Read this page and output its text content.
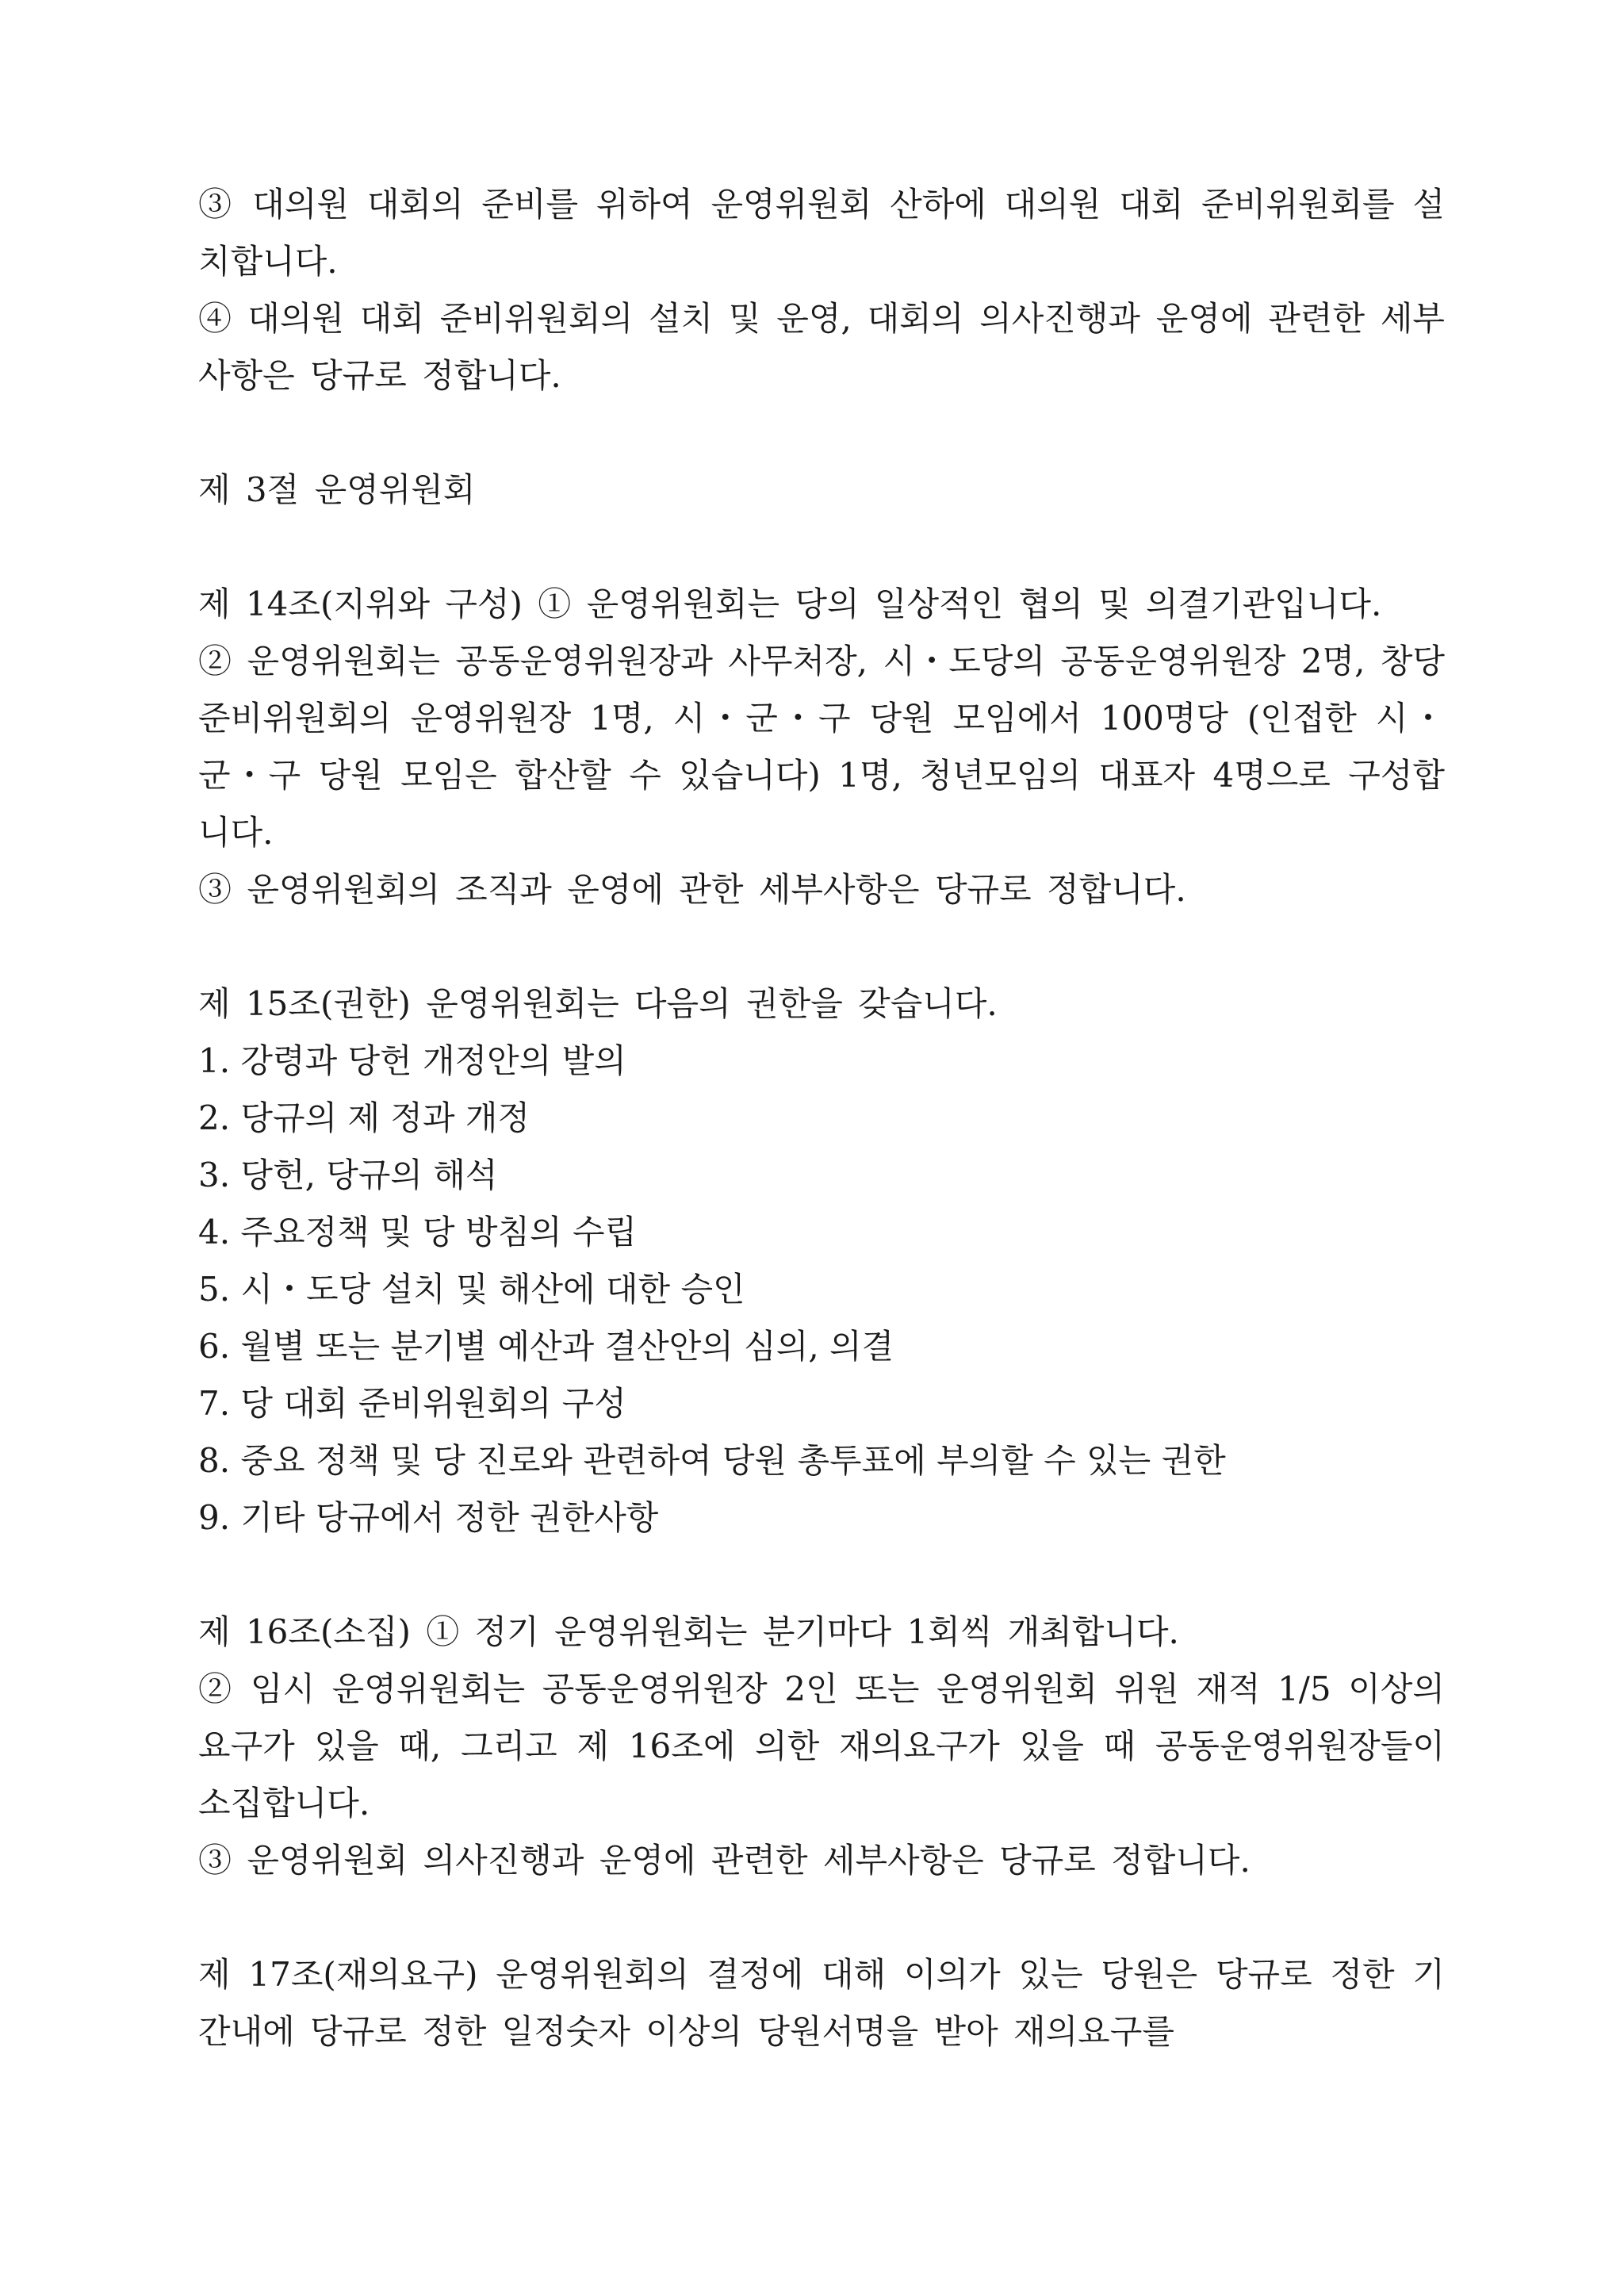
③ 대의원 대회의 준비를 위하여 운영위원회 산하에 대의원 대회 준비위원회를 설치합니다.

④ 대의원 대회 준비위원회의 설치 및 운영, 대회의 의사진행과 운영에 관련한 세부사항은 당규로 정합니다.

제 3절 운영위원회

제 14조(지위와 구성) ① 운영위원회는 당의 일상적인 협의 및 의결기관입니다.

② 운영위원회는 공동운영위원장과 사무처장, 시・도당의 공동운영위원장 2명, 창당준비위원회의 운영위원장 1명, 시・군・구 당원 모임에서 100명당 (인접한 시・군・구 당원 모임은 합산할 수 있습니다) 1명, 청년모임의 대표자 4명으로 구성합니다.

③ 운영위원회의 조직과 운영에 관한 세부사항은 당규로 정합니다.

제 15조(권한) 운영위원회는 다음의 권한을 갖습니다.

1. 강령과 당헌 개정안의 발의

2. 당규의 제 정과 개정

3. 당헌, 당규의 해석

4. 주요정책 및 당 방침의 수립

5. 시・도당 설치 및 해산에 대한 승인

6. 월별 또는 분기별 예산과 결산안의 심의, 의결

7. 당 대회 준비위원회의 구성

8. 중요 정책 및 당 진로와 관련하여 당원 총투표에 부의할 수 있는 권한

9. 기타 당규에서 정한 권한사항

제 16조(소집) ① 정기 운영위원회는 분기마다 1회씩 개최합니다.

② 임시 운영위원회는 공동운영위원장 2인 또는 운영위원회 위원 재적 1/5 이상의 요구가 있을 때, 그리고 제 16조에 의한 재의요구가 있을 때 공동운영위원장들이 소집합니다.

③ 운영위원회 의사진행과 운영에 관련한 세부사항은 당규로 정합니다.

제 17조(재의요구) 운영위원회의 결정에 대해 이의가 있는 당원은 당규로 정한 기간내에 당규로 정한 일정숫자 이상의 당원서명을 받아 재의요구를
